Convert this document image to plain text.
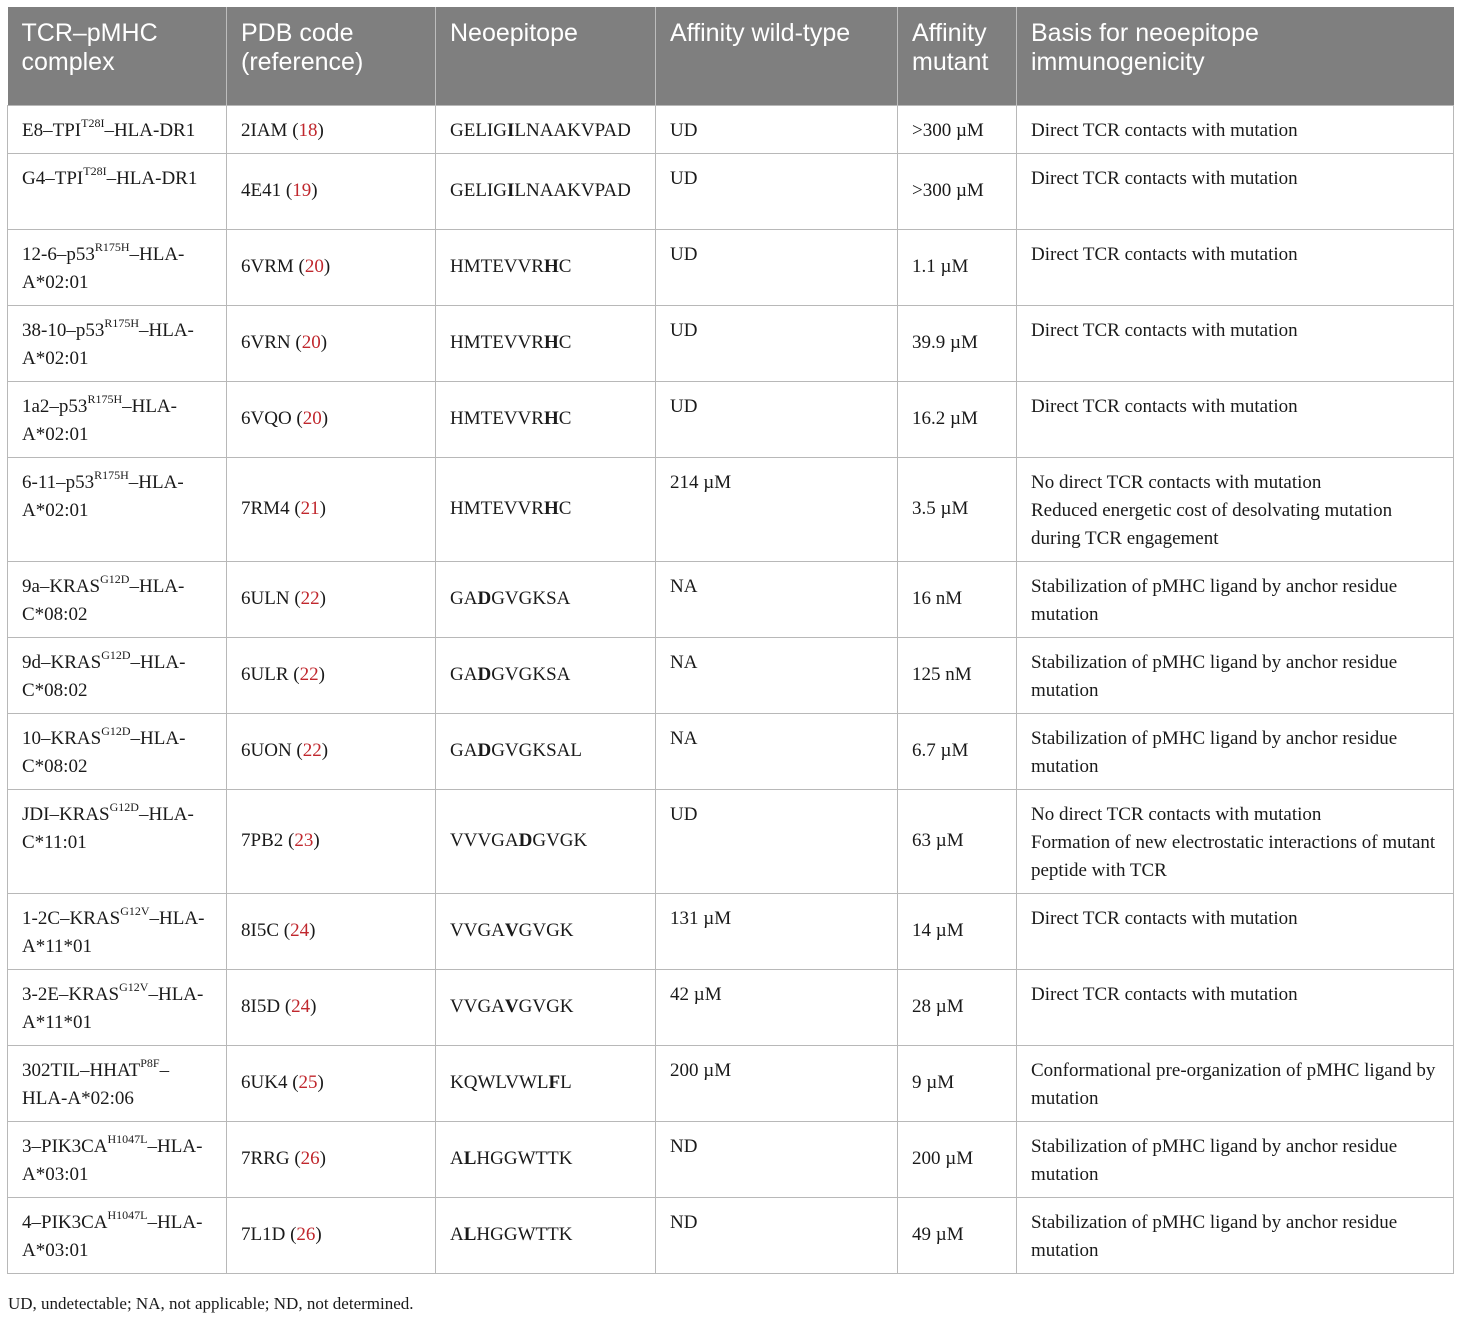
TCR–pMHC complex	PDB code (reference)	Neoepitope	Affinity wild-type	Affinity mutant	Basis for neoepitope immunogenicity
$E8-TPI^{T28I}-HLA-DR1$	2IAM (18)	GELIGILNAAKVPAD	UD	>300 µM	Direct TCR contacts with mutation

$G4-TPI^{T28I}-HLA-DR1$	4E41 (19)	GELIGILNAAKVPAD	UD	>300 µM	Direct TCR contacts with mutation

$12-6-p53^{R175H}-HLA-A*02:01$	6VRM (20)	HMTEVVRHC	UD	1.1 µM	Direct TCR contacts with mutation

$38-10-p53^{R175H}-HLA-A*02:01$	6VRN (20)	HMTEVVRHC	UD	39.9 µM	Direct TCR contacts with mutation

$1a2-p53^{R175H}-HLA-A*02:01$	6VQO (20)	HMTEVVRHC	UD	16.2 µM	Direct TCR contacts with mutation

$6-11-p53^{R175H}-HLA-A*02:01$	7RM4 (21)	HMTEVVRHC	214 µM	3.5 µM	No direct TCR contacts with mutation
Reduced energetic cost of desolvating mutation during TCR engagement

$9a-KRAS^{G12D}-HLA-C*08:02$	6ULN (22)	GADGVGKSA	NA	16 nM	Stabilization of pMHC ligand by anchor residue mutation

$9d-KRAS^{G12D}-HLA-C*08:02$	6ULR (22)	GADGVGKSA	NA	125 nM	Stabilization of pMHC ligand by anchor residue mutation

$10-KRAS^{G12D}-HLA-C*08:02$	6UON (22)	GADGVGKSAL	NA	6.7 µM	Stabilization of pMHC ligand by anchor residue mutation

JDI–$KRAS^{G12D}-HLA-C*11:01$	7PB2 (23)	VVVGADGVGK	UD	63 µM	No direct TCR contacts with mutation
Formation of new electrostatic interactions of mutant peptide with TCR

$1-2C-KRAS^{G12V}-HLA-A*11*01$	8I5C (24)	VVGAVGVGK	131 µM	14 µM	Direct TCR contacts with mutation

$3-2E-KRAS^{G12V}-HLA-A*11*01$	8I5D (24)	VVGAVGVGK	42 µM	28 µM	Direct TCR contacts with mutation

$302TIL-HHAT^{P8F}-HLA-A*02:06$	6UK4 (25)	KQWLVWLFL	200 µM	9 µM	Conformational pre-organization of pMHC ligand by mutation

$3-PIK3CA^{H1047L}-HLA-A*03:01$	7RRG (26)	ALHGGWTTK	ND	200 µM	Stabilization of pMHC ligand by anchor residue mutation

$4-PIK3CA^{H1047L}-HLA-A*03:01$	7L1D (26)	ALHGGWTTK	ND	49 µM	Stabilization of pMHC ligand by anchor residue mutation
UD, undetectable; NA, not applicable; ND, not determined.
